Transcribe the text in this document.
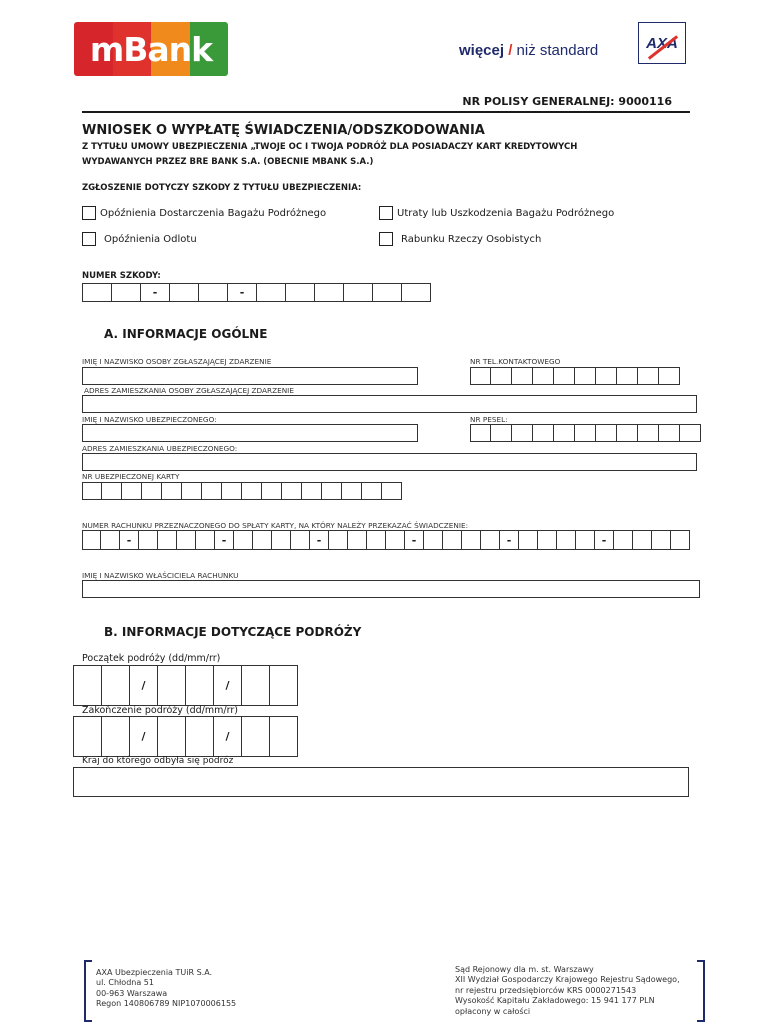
mBank	więcej / niż standard	AXA
NR POLISY GENERALNEJ: 9000116
WNIOSEK O WYPŁATĘ ŚWIADCZENIA/ODSZKODOWANIA
Z TYTUŁU UMOWY UBEZPIECZENIA „TWOJE OC I TWOJA PODRÓŻ DLA POSIADACZY KART KREDYTOWYCH
WYDAWANYCH PRZEZ BRE BANK S.A. (OBECNIE MBANK S.A.)
ZGŁOSZENIE DOTYCZY SZKODY Z TYTUŁU UBEZPIECZENIA:
Opóźnienia Dostarczenia Bagażu Podróżnego	Utraty lub Uszkodzenia Bagażu Podróżnego
Opóźnienia Odlotu	Rabunku Rzeczy Osobistych
NUMER SZKODY:
-	-
A. INFORMACJE OGÓLNE
IMIĘ I NAZWISKO OSOBY ZGŁASZAJĄCEJ ZDARZENIE	NR TEL.KONTAKTOWEGO
ADRES ZAMIESZKANIA OSOBY ZGŁASZAJĄCEJ ZDARZENIE
IMIĘ I NAZWISKO UBEZPIECZONEGO:	NR PESEL:
ADRES ZAMIESZKANIA UBEZPIECZONEGO:
NR UBEZPIECZONEJ KARTY
NUMER RACHUNKU PRZEZNACZONEGO DO SPŁATY KARTY, NA KTÓRY NALEŻY PRZEKAZAĆ ŚWIADCZENIE:
-	-	-	-	-	-
IMIĘ I NAZWISKO WŁAŚCICIELA RACHUNKU
B. INFORMACJE DOTYCZĄCE PODRÓŻY
Początek podróży (dd/mm/rr)
/	/
Zakończenie podróży (dd/mm/rr)
/	/
Kraj do którego odbyła się podróż
AXA Ubezpieczenia TUiR S.A.
ul. Chłodna 51
00-963 Warszawa
Regon 140806789 NIP1070006155
Sąd Rejonowy dla m. st. Warszawy
XII Wydział Gospodarczy Krajowego Rejestru Sądowego,
nr rejestru przedsiębiorców KRS 0000271543
Wysokość Kapitału Zakładowego: 15 941 177 PLN
opłacony w całości
